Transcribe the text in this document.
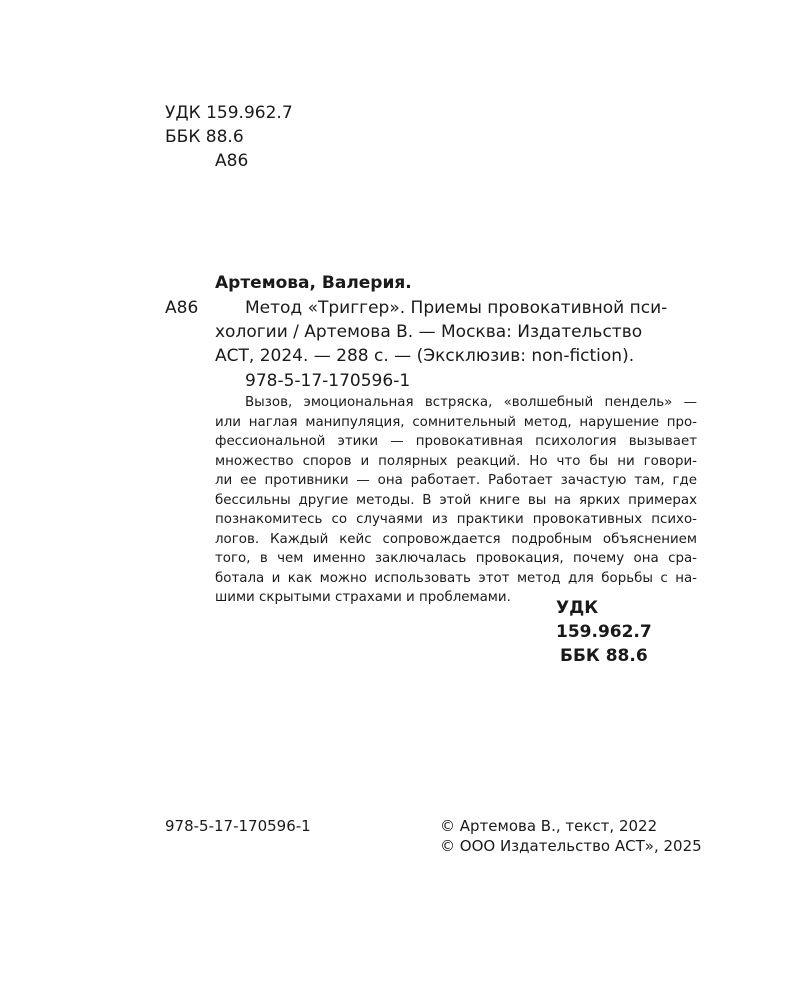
УДК 159.962.7
ББК 88.6
А86
Артемова, Валерия.
А86	Метод «Триггер». Приемы провокативной пси-
хологии / Артемова В. — Москва: Издательство
АСТ, 2024. — 288 с. — (Эксклюзив: non-fiction).
978-5-17-170596-1
Вызов, эмоциональная встряска, «волшебный пендель» —
или наглая манипуляция, сомнительный метод, нарушение про-
фессиональной этики — провокативная психология вызывает
множество споров и полярных реакций. Но что бы ни говори-
ли ее противники — она работает. Работает зачастую там, где
бессильны другие методы. В этой книге вы на ярких примерах
познакомитесь со случаями из практики провокативных психо-
логов. Каждый кейс сопровождается подробным объяснением
того, в чем именно заключалась провокация, почему она сра-
ботала и как можно использовать этот метод для борьбы с на-
шими скрытыми страхами и проблемами.
УДК 159.962.7
ББК 88.6
978-5-17-170596-1	© Артемова В., текст, 2022
© ООО Издательство АСТ», 2025
